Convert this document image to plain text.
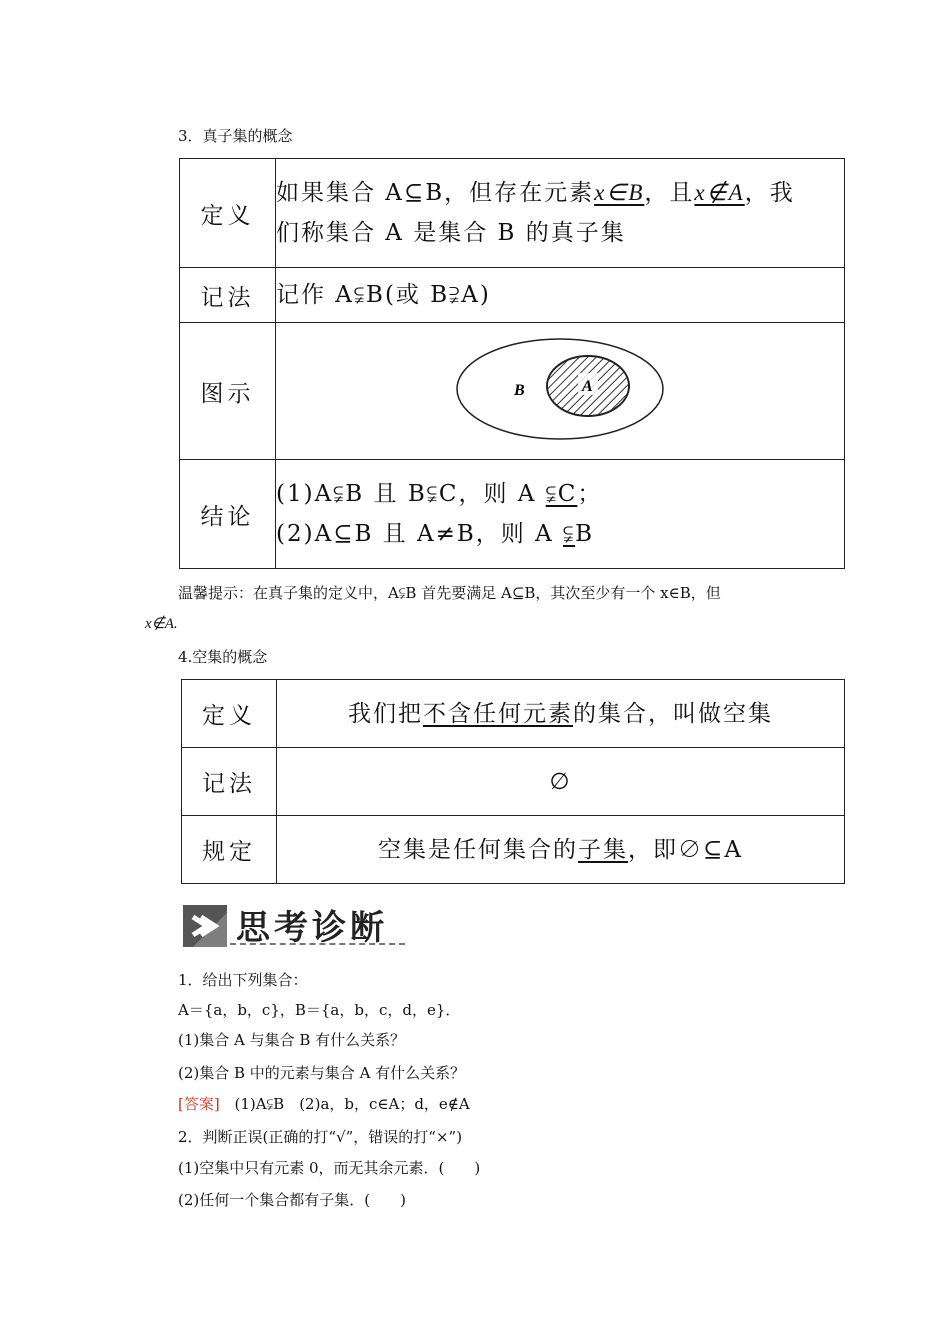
3．真子集的概念
定义	如果集合 A⊆B，但存在元素x∈B，且x∉A，我
们称集合 A 是集合 B 的真子集
记法	记作 A⫋B(或 B⫌A)
图示	B A

结论	(1)A⫋B 且 B⫋C，则 A ⫋C；
(2)A⊆B 且 A≠B，则 A ⫋B
温馨提示：在真子集的定义中，A⫋B 首先要满足 A⊆B，其次至少有一个 x∈B，但
x∉A.
4.空集的概念
定义	我们把不含任何元素的集合，叫做空集
记法	∅
规定	空集是任何集合的子集，即∅⊆A
思考诊断
1．给出下列集合：
A＝{a，b，c}，B＝{a，b，c，d，e}．
(1)集合 A 与集合 B 有什么关系？
(2)集合 B 中的元素与集合 A 有什么关系？
[答案] (1)A⫋B　(2)a，b，c∈A；d，e∉A
2．判断正误(正确的打“√”，错误的打“×”)
(1)空集中只有元素 0，而无其余元素．(　　)
(2)任何一个集合都有子集．(　　)
